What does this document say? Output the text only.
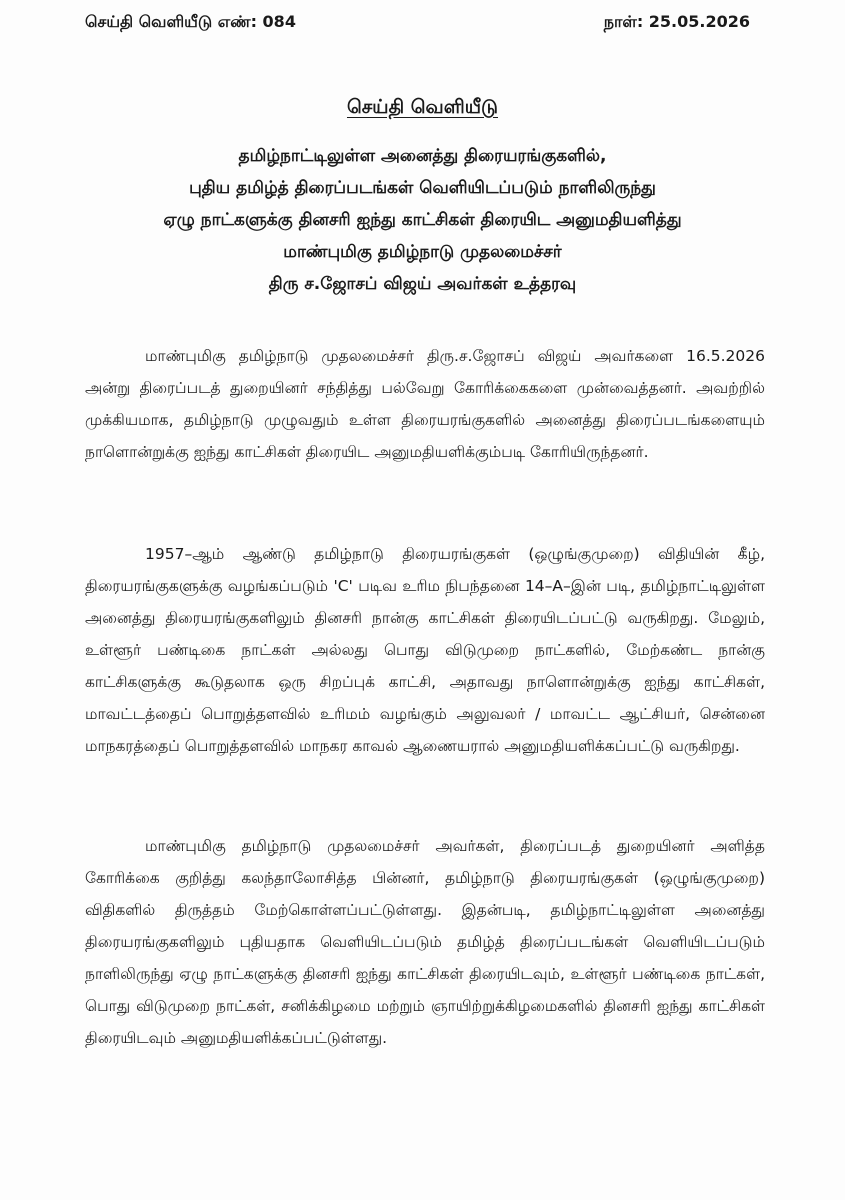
செய்தி வெளியீடு எண்: 084	நாள்: 25.05.2026
செய்தி வெளியீடு
தமிழ்நாட்டிலுள்ள அனைத்து திரையரங்குகளில்,
புதிய தமிழ்த் திரைப்படங்கள் வெளியிடப்படும் நாளிலிருந்து
ஏழு நாட்களுக்கு தினசரி ஐந்து காட்சிகள் திரையிட அனுமதியளித்து
மாண்புமிகு தமிழ்நாடு முதலமைச்சர்
திரு ச.ஜோசப் விஜய் அவர்கள் உத்தரவு

மாண்புமிகு தமிழ்நாடு முதலமைச்சர் திரு.ச.ஜோசப் விஜய் அவர்களை 16.5.2026 அன்று திரைப்படத் துறையினர் சந்தித்து பல்வேறு கோரிக்கைகளை முன்வைத்தனர். அவற்றில் முக்கியமாக, தமிழ்நாடு முழுவதும் உள்ள திரையரங்குகளில் அனைத்து திரைப்படங்களையும் நாளொன்றுக்கு ஐந்து காட்சிகள் திரையிட அனுமதியளிக்கும்படி கோரியிருந்தனர்.

1957–ஆம் ஆண்டு தமிழ்நாடு திரையரங்குகள் (ஒழுங்குமுறை) விதியின் கீழ், திரையரங்குகளுக்கு வழங்கப்படும் 'C' படிவ உரிம நிபந்தனை 14–A–இன் படி, தமிழ்நாட்டிலுள்ள அனைத்து திரையரங்குகளிலும் தினசரி நான்கு காட்சிகள் திரையிடப்பட்டு வருகிறது. மேலும், உள்ளூர் பண்டிகை நாட்கள் அல்லது பொது விடுமுறை நாட்களில், மேற்கண்ட நான்கு காட்சிகளுக்கு கூடுதலாக ஒரு சிறப்புக் காட்சி, அதாவது நாளொன்றுக்கு ஐந்து காட்சிகள், மாவட்டத்தைப் பொறுத்தளவில் உரிமம் வழங்கும் அலுவலர் / மாவட்ட ஆட்சியர், சென்னை மாநகரத்தைப் பொறுத்தளவில் மாநகர காவல் ஆணையரால் அனுமதியளிக்கப்பட்டு வருகிறது.

மாண்புமிகு தமிழ்நாடு முதலமைச்சர் அவர்கள், திரைப்படத் துறையினர் அளித்த கோரிக்கை குறித்து கலந்தாலோசித்த பின்னர், தமிழ்நாடு திரையரங்குகள் (ஒழுங்குமுறை) விதிகளில் திருத்தம் மேற்கொள்ளப்பட்டுள்ளது. இதன்படி, தமிழ்நாட்டிலுள்ள அனைத்து திரையரங்குகளிலும் புதியதாக வெளியிடப்படும் தமிழ்த் திரைப்படங்கள் வெளியிடப்படும் நாளிலிருந்து ஏழு நாட்களுக்கு தினசரி ஐந்து காட்சிகள் திரையிடவும், உள்ளூர் பண்டிகை நாட்கள், பொது விடுமுறை நாட்கள், சனிக்கிழமை மற்றும் ஞாயிற்றுக்கிழமைகளில் தினசரி ஐந்து காட்சிகள் திரையிடவும் அனுமதியளிக்கப்பட்டுள்ளது.
